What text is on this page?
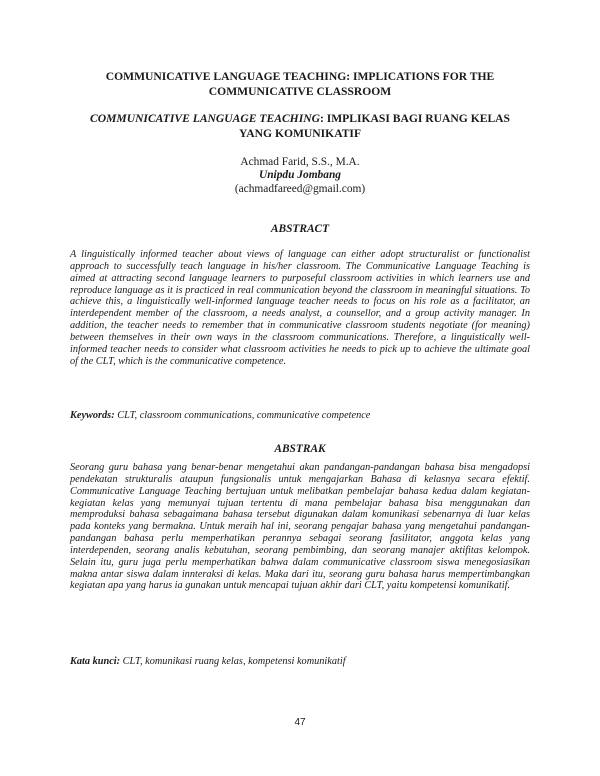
COMMUNICATIVE LANGUAGE TEACHING: IMPLICATIONS FOR THE
COMMUNICATIVE CLASSROOM
COMMUNICATIVE LANGUAGE TEACHING: IMPLIKASI BAGI RUANG KELAS
YANG KOMUNIKATIF
Achmad Farid, S.S., M.A.
Unipdu Jombang
(achmadfareed@gmail.com)
ABSTRACT
A linguistically informed teacher about views of language can either adopt structuralist or functionalist approach to successfully teach language in his/her classroom. The Communicative Language Teaching is aimed at attracting second language learners to purposeful classroom activities in which learners use and reproduce language as it is practiced in real communication beyond the classroom in meaningful situations. To achieve this, a linguistically well-informed language teacher needs to focus on his role as a facilitator, an interdependent member of the classroom, a needs analyst, a counsellor, and a group activity manager. In addition, the teacher needs to remember that in communicative classroom students negotiate (for meaning) between themselves in their own ways in the classroom communications. Therefore, a linguistically well-informed teacher needs to consider what classroom activities he needs to pick up to achieve the ultimate goal of the CLT, which is the communicative competence.
Keywords: CLT, classroom communications, communicative competence
ABSTRAK
Seorang guru bahasa yang benar-benar mengetahui akan pandangan-pandangan bahasa bisa mengadopsi pendekatan strukturalis ataupun fungsionalis untuk mengajarkan Bahasa di kelasnya secara efektif. Communicative Language Teaching bertujuan untuk melibatkan pembelajar bahasa kedua dalam kegiatan-kegiatan kelas yang memunyai tujuan tertentu di mana pembelajar bahasa bisa menggunakan dan memproduksi bahasa sebagaimana bahasa tersebut digunakan dalam komunikasi sebenarnya di luar kelas pada konteks yang bermakna. Untuk meraih hal ini, seorang pengajar bahasa yang mengetahui pandangan-pandangan bahasa perlu memperhatikan perannya sebagai seorang fasilitator, anggota kelas yang interdependen, seorang analis kebutuhan, seorang pembimbing, dan seorang manajer aktifitas kelompok. Selain itu, guru juga perlu memperhatikan bahwa dalam communicative classroom siswa menegosiasikan makna antar siswa dalam innteraksi di kelas. Maka dari itu, seorang guru bahasa harus mempertimbangkan kegiatan apa yang harus ia gunakan untuk mencapai tujuan akhir dari CLT, yaitu kompetensi komunikatif.
Kata kunci: CLT, komunikasi ruang kelas, kompetensi komunikatif
47
